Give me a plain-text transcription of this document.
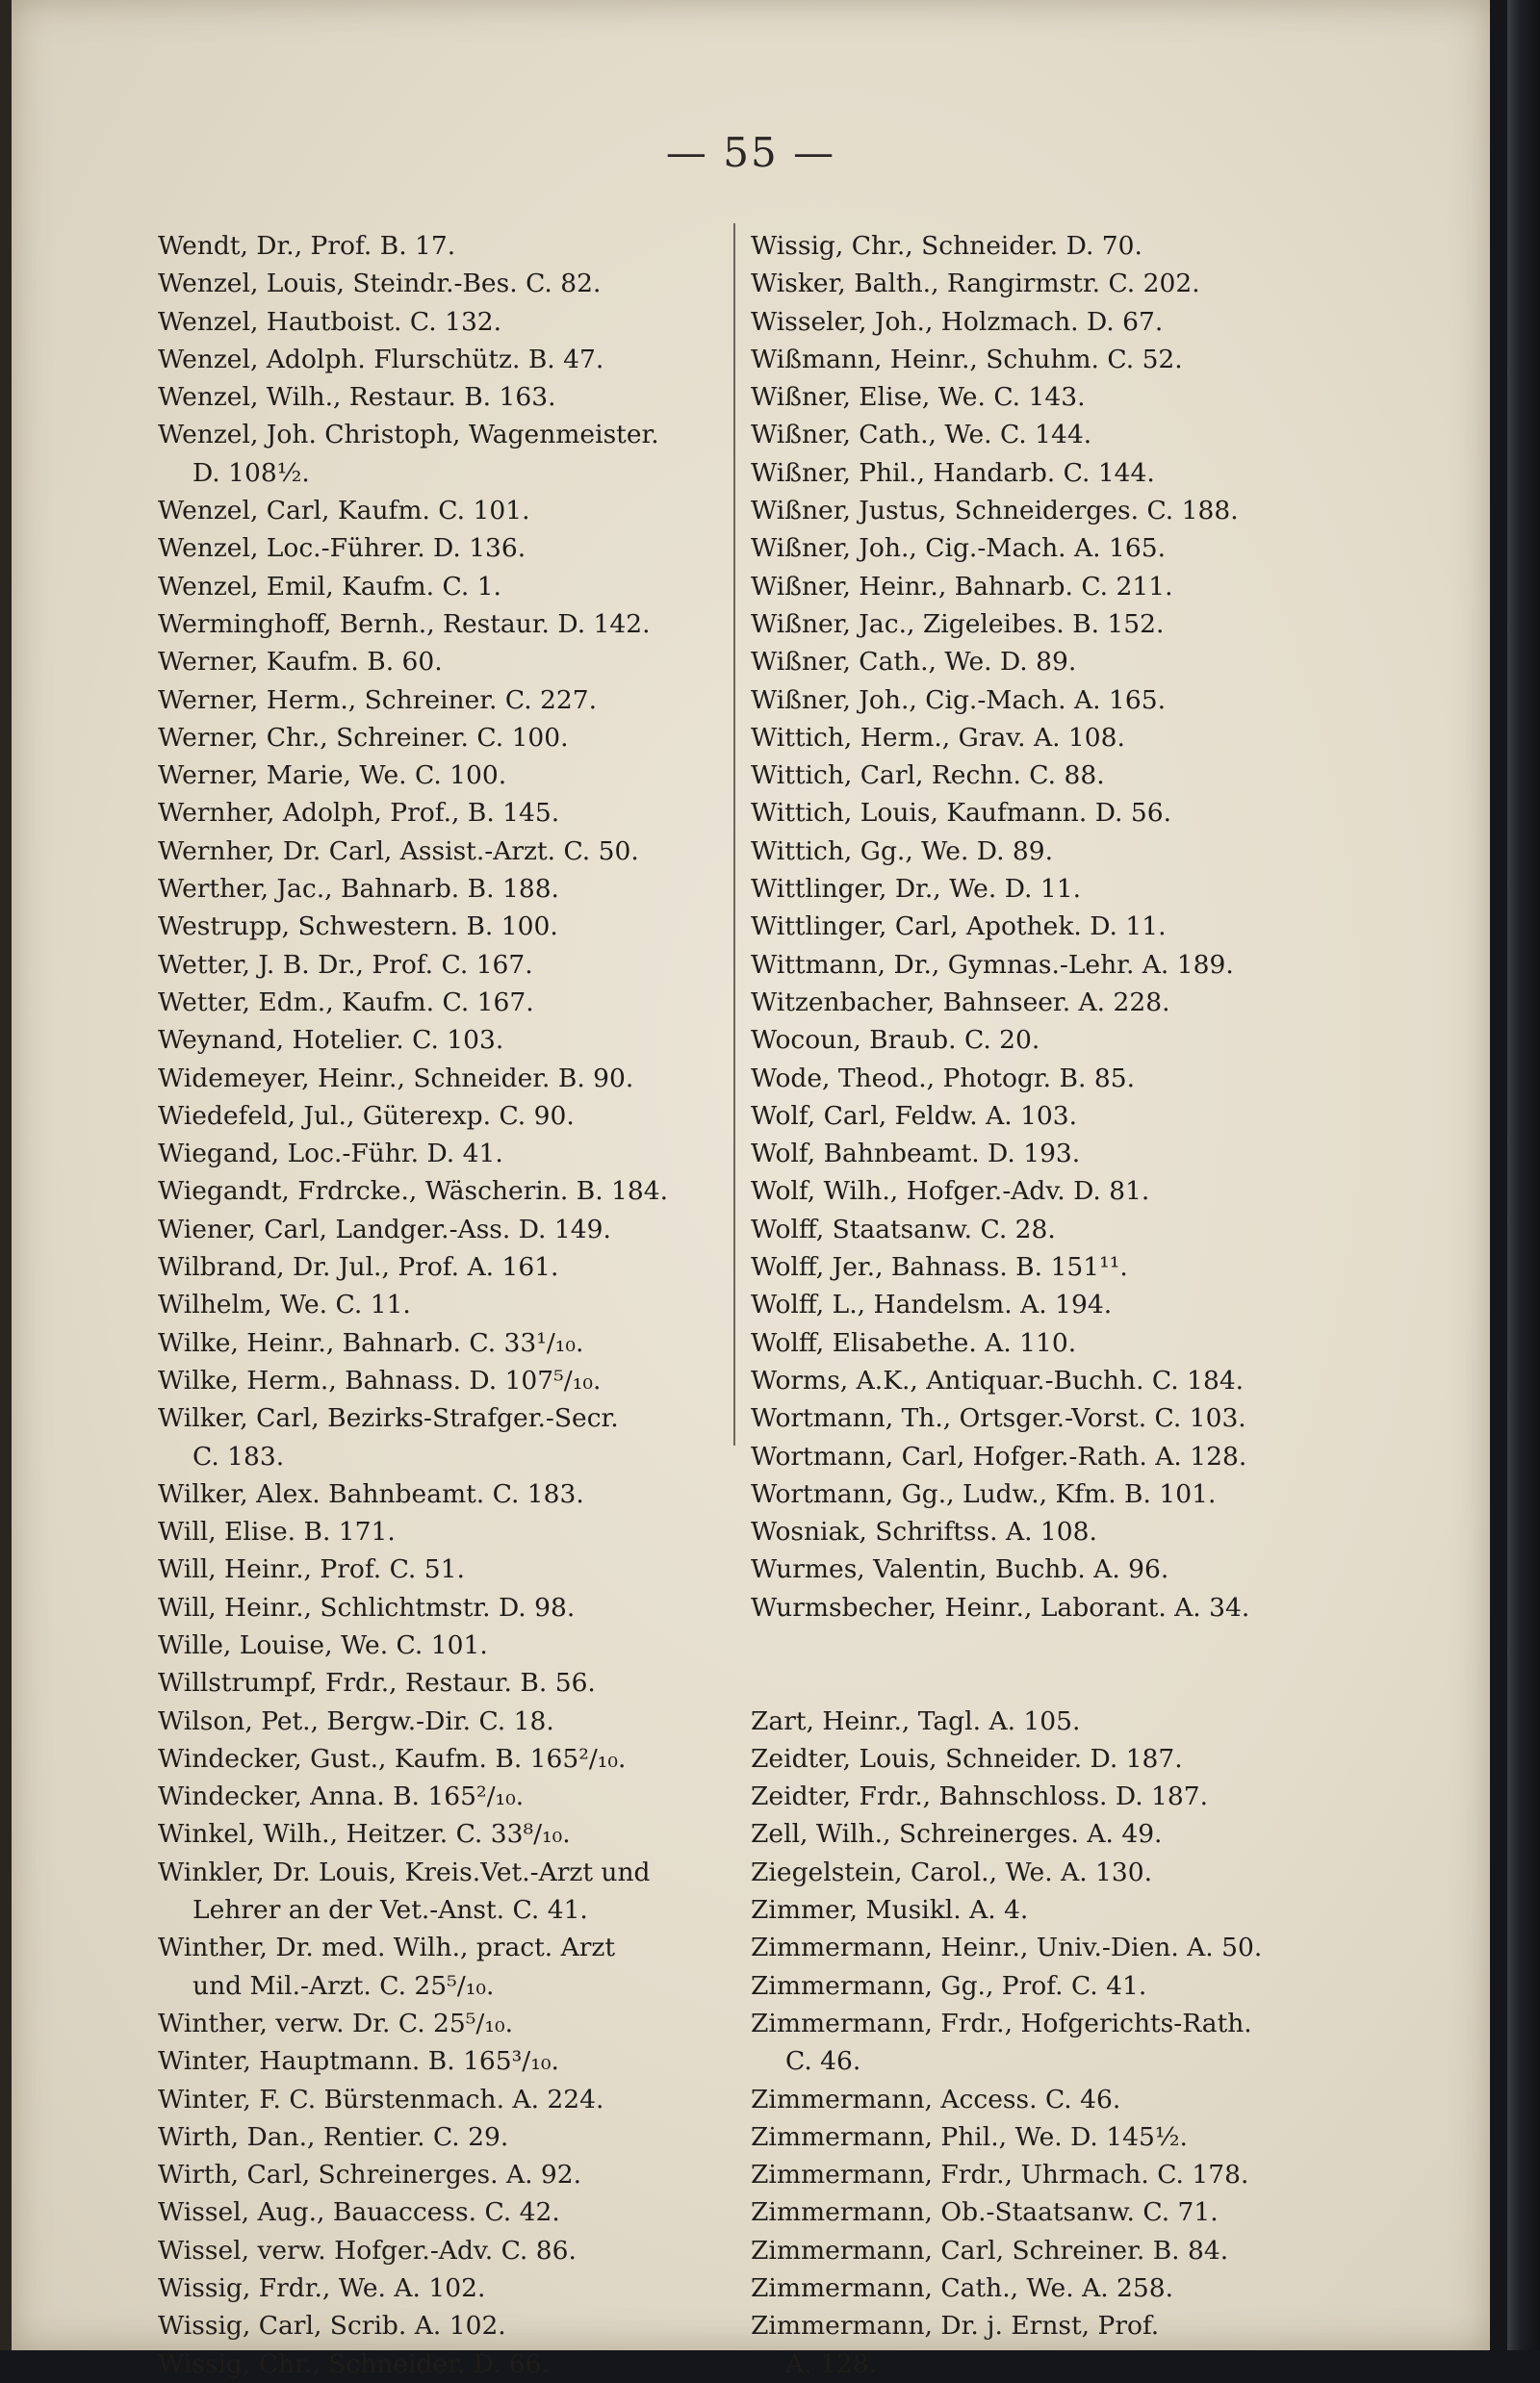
— 55 —
Wendt, Dr., Prof. B. 17.
Wenzel, Louis, Steindr.-Bes. C. 82.
Wenzel, Hautboist. C. 132.
Wenzel, Adolph. Flurschütz. B. 47.
Wenzel, Wilh., Restaur. B. 163.
Wenzel, Joh. Christoph, Wagenmeister.
D. 108½.
Wenzel, Carl, Kaufm. C. 101.
Wenzel, Loc.-Führer. D. 136.
Wenzel, Emil, Kaufm. C. 1.
Werminghoff, Bernh., Restaur. D. 142.
Werner, Kaufm. B. 60.
Werner, Herm., Schreiner. C. 227.
Werner, Chr., Schreiner. C. 100.
Werner, Marie, We. C. 100.
Wernher, Adolph, Prof., B. 145.
Wernher, Dr. Carl, Assist.-Arzt. C. 50.
Werther, Jac., Bahnarb. B. 188.
Westrupp, Schwestern. B. 100.
Wetter, J. B. Dr., Prof. C. 167.
Wetter, Edm., Kaufm. C. 167.
Weynand, Hotelier. C. 103.
Widemeyer, Heinr., Schneider. B. 90.
Wiedefeld, Jul., Güterexp. C. 90.
Wiegand, Loc.-Führ. D. 41.
Wiegandt, Frdrcke., Wäscherin. B. 184.
Wiener, Carl, Landger.-Ass. D. 149.
Wilbrand, Dr. Jul., Prof. A. 161.
Wilhelm, We. C. 11.
Wilke, Heinr., Bahnarb. C. 33¹/₁₀.
Wilke, Herm., Bahnass. D. 107⁵/₁₀.
Wilker, Carl, Bezirks-Strafger.-Secr.
C. 183.
Wilker, Alex. Bahnbeamt. C. 183.
Will, Elise. B. 171.
Will, Heinr., Prof. C. 51.
Will, Heinr., Schlichtmstr. D. 98.
Wille, Louise, We. C. 101.
Willstrumpf, Frdr., Restaur. B. 56.
Wilson, Pet., Bergw.-Dir. C. 18.
Windecker, Gust., Kaufm. B. 165²/₁₀.
Windecker, Anna. B. 165²/₁₀.
Winkel, Wilh., Heitzer. C. 33⁸/₁₀.
Winkler, Dr. Louis, Kreis.Vet.-Arzt und
Lehrer an der Vet.-Anst. C. 41.
Winther, Dr. med. Wilh., pract. Arzt
und Mil.-Arzt. C. 25⁵/₁₀.
Winther, verw. Dr. C. 25⁵/₁₀.
Winter, Hauptmann. B. 165³/₁₀.
Winter, F. C. Bürstenmach. A. 224.
Wirth, Dan., Rentier. C. 29.
Wirth, Carl, Schreinerges. A. 92.
Wissel, Aug., Bauaccess. C. 42.
Wissel, verw. Hofger.-Adv. C. 86.
Wissig, Frdr., We. A. 102.
Wissig, Carl, Scrib. A. 102.
Wissig, Chr., Schneider. D. 66.
Wissig, Chr., Schneider. D. 70.
Wisker, Balth., Rangirmstr. C. 202.
Wisseler, Joh., Holzmach. D. 67.
Wißmann, Heinr., Schuhm. C. 52.
Wißner, Elise, We. C. 143.
Wißner, Cath., We. C. 144.
Wißner, Phil., Handarb. C. 144.
Wißner, Justus, Schneiderges. C. 188.
Wißner, Joh., Cig.-Mach. A. 165.
Wißner, Heinr., Bahnarb. C. 211.
Wißner, Jac., Zigeleibes. B. 152.
Wißner, Cath., We. D. 89.
Wißner, Joh., Cig.-Mach. A. 165.
Wittich, Herm., Grav. A. 108.
Wittich, Carl, Rechn. C. 88.
Wittich, Louis, Kaufmann. D. 56.
Wittich, Gg., We. D. 89.
Wittlinger, Dr., We. D. 11.
Wittlinger, Carl, Apothek. D. 11.
Wittmann, Dr., Gymnas.-Lehr. A. 189.
Witzenbacher, Bahnseer. A. 228.
Wocoun, Braub. C. 20.
Wode, Theod., Photogr. B. 85.
Wolf, Carl, Feldw. A. 103.
Wolf, Bahnbeamt. D. 193.
Wolf, Wilh., Hofger.-Adv. D. 81.
Wolff, Staatsanw. C. 28.
Wolff, Jer., Bahnass. B. 151¹¹.
Wolff, L., Handelsm. A. 194.
Wolff, Elisabethe. A. 110.
Worms, A.K., Antiquar.-Buchh. C. 184.
Wortmann, Th., Ortsger.-Vorst. C. 103.
Wortmann, Carl, Hofger.-Rath. A. 128.
Wortmann, Gg., Ludw., Kfm. B. 101.
Wosniak, Schriftss. A. 108.
Wurmes, Valentin, Buchb. A. 96.
Wurmsbecher, Heinr., Laborant. A. 34.
Zart, Heinr., Tagl. A. 105.
Zeidter, Louis, Schneider. D. 187.
Zeidter, Frdr., Bahnschloss. D. 187.
Zell, Wilh., Schreinerges. A. 49.
Ziegelstein, Carol., We. A. 130.
Zimmer, Musikl. A. 4.
Zimmermann, Heinr., Univ.-Dien. A. 50.
Zimmermann, Gg., Prof. C. 41.
Zimmermann, Frdr., Hofgerichts-Rath.
C. 46.
Zimmermann, Access. C. 46.
Zimmermann, Phil., We. D. 145½.
Zimmermann, Frdr., Uhrmach. C. 178.
Zimmermann, Ob.-Staatsanw. C. 71.
Zimmermann, Carl, Schreiner. B. 84.
Zimmermann, Cath., We. A. 258.
Zimmermann, Dr. j. Ernst, Prof.
A. 128.
